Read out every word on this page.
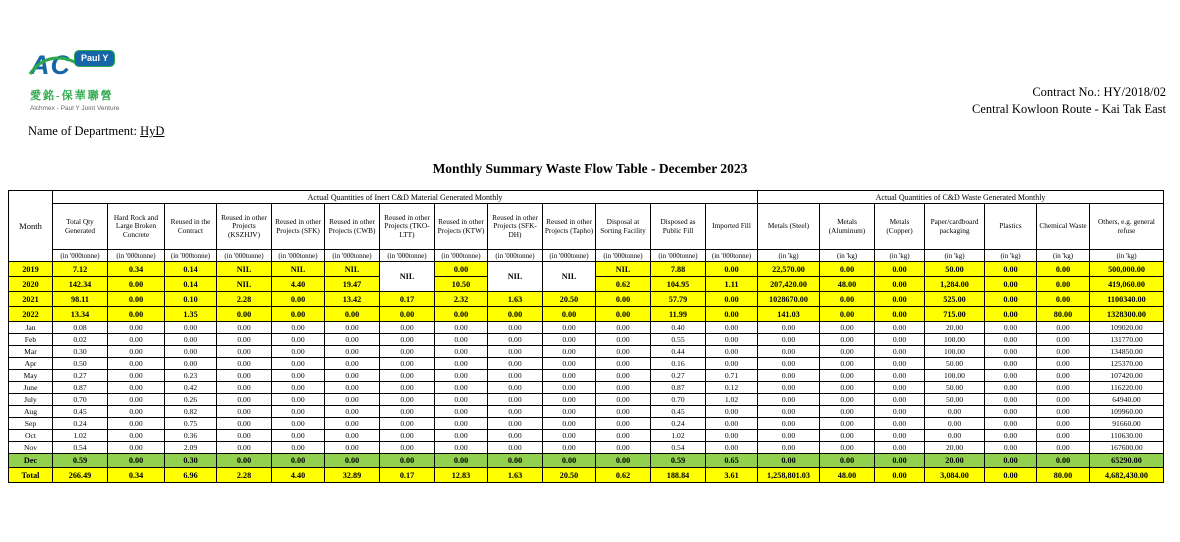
AC	Paul Y
愛銘-保華聯營
Alchmex - Paul Y Joint Venture
Contract No.: HY/2018/02
Central Kowloon Route - Kai Tak East
Name of Department: HyD
Monthly Summary Waste Flow Table - December 2023
Month	Actual Quantities of Inert C&D Material Generated Monthly													Actual Quantities of C&D Waste Generated Monthly						
	Total Qty Generated	Hard Rock and Large Broken Concrete	Reused in the Contract	Reused in other Projects (KSZHJV)	Reused in other Projects (SFK)	Reused in other Projects (CWB)	Reused in other Projects (TKO-LTT)	Reused in other Projects (KTW)	Reused in other Projects (SFK-DH)	Reused in other Projects (Tapho)	Disposal at Sorting Facility	Disposed as Public Fill	Imported Fill	Metals (Steel)	Metals (Aluminum)	Metals (Copper)	Paper/cardboard packaging	Plastics	Chemical Waste	Others, e.g. general refuse
	(in '000tonne)	(in '000tonne)	(in '000tonne)	(in '000tonne)	(in '000tonne)	(in '000tonne)	(in '000tonne)	(in '000tonne)	(in '000tonne)	(in '000tonne)	(in '000tonne)	(in '000tonne)	(in '000tonne)	(in 'kg)	(in 'kg)	(in 'kg)	(in 'kg)	(in 'kg)	(in 'kg)	(in 'kg)
2019	7.12	0.34	0.14	NIL	NIL	NIL	NIL	0.00	NIL	NIL	NIL	7.88	0.00	22,570.00	0.00	0.00	50.00	0.00	0.00	500,000.00
2020	142.34	0.00	0.14	NIL	4.40	19.47		10.50			0.62	104.95	1.11	207,420.00	48.00	0.00	1,284.00	0.00	0.00	419,060.00
2021	98.11	0.00	0.10	2.28	0.00	13.42	0.17	2.32	1.63	20.50	0.00	57.79	0.00	1028670.00	0.00	0.00	525.00	0.00	0.00	1100340.00
2022	13.34	0.00	1.35	0.00	0.00	0.00	0.00	0.00	0.00	0.00	0.00	11.99	0.00	141.03	0.00	0.00	715.00	0.00	80.00	1328300.00
Jan	0.08	0.00	0.00	0.00	0.00	0.00	0.00	0.00	0.00	0.00	0.00	0.40	0.00	0.00	0.00	0.00	20.00	0.00	0.00	109020.00
Feb	0.02	0.00	0.00	0.00	0.00	0.00	0.00	0.00	0.00	0.00	0.00	0.55	0.00	0.00	0.00	0.00	100.00	0.00	0.00	131770.00
Mar	0.30	0.00	0.00	0.00	0.00	0.00	0.00	0.00	0.00	0.00	0.00	0.44	0.00	0.00	0.00	0.00	100.00	0.00	0.00	134850.00
Apr	0.50	0.00	0.00	0.00	0.00	0.00	0.00	0.00	0.00	0.00	0.00	0.16	0.00	0.00	0.00	0.00	50.00	0.00	0.00	125370.00
May	0.27	0.00	0.23	0.00	0.00	0.00	0.00	0.00	0.00	0.00	0.00	0.27	0.71	0.00	0.00	0.00	100.00	0.00	0.00	107420.00
June	0.87	0.00	0.42	0.00	0.00	0.00	0.00	0.00	0.00	0.00	0.00	0.87	0.12	0.00	0.00	0.00	50.00	0.00	0.00	116220.00
July	0.70	0.00	0.26	0.00	0.00	0.00	0.00	0.00	0.00	0.00	0.00	0.70	1.02	0.00	0.00	0.00	50.00	0.00	0.00	64940.00
Aug	0.45	0.00	0.82	0.00	0.00	0.00	0.00	0.00	0.00	0.00	0.00	0.45	0.00	0.00	0.00	0.00	0.00	0.00	0.00	109960.00
Sep	0.24	0.00	0.75	0.00	0.00	0.00	0.00	0.00	0.00	0.00	0.00	0.24	0.00	0.00	0.00	0.00	0.00	0.00	0.00	91660.00
Oct	1.02	0.00	0.36	0.00	0.00	0.00	0.00	0.00	0.00	0.00	0.00	1.02	0.00	0.00	0.00	0.00	0.00	0.00	0.00	110630.00
Nov	0.54	0.00	2.09	0.00	0.00	0.00	0.00	0.00	0.00	0.00	0.00	0.54	0.00	0.00	0.00	0.00	20.00	0.00	0.00	167600.00
Dec	0.59	0.00	0.30	0.00	0.00	0.00	0.00	0.00	0.00	0.00	0.00	0.59	0.65	0.00	0.00	0.00	20.00	0.00	0.00	65290.00
Total	266.49	0.34	6.96	2.28	4.40	32.89	0.17	12.83	1.63	20.50	0.62	188.84	3.61	1,258,801.03	48.00	0.00	3,084.00	0.00	80.00	4,682,430.00
